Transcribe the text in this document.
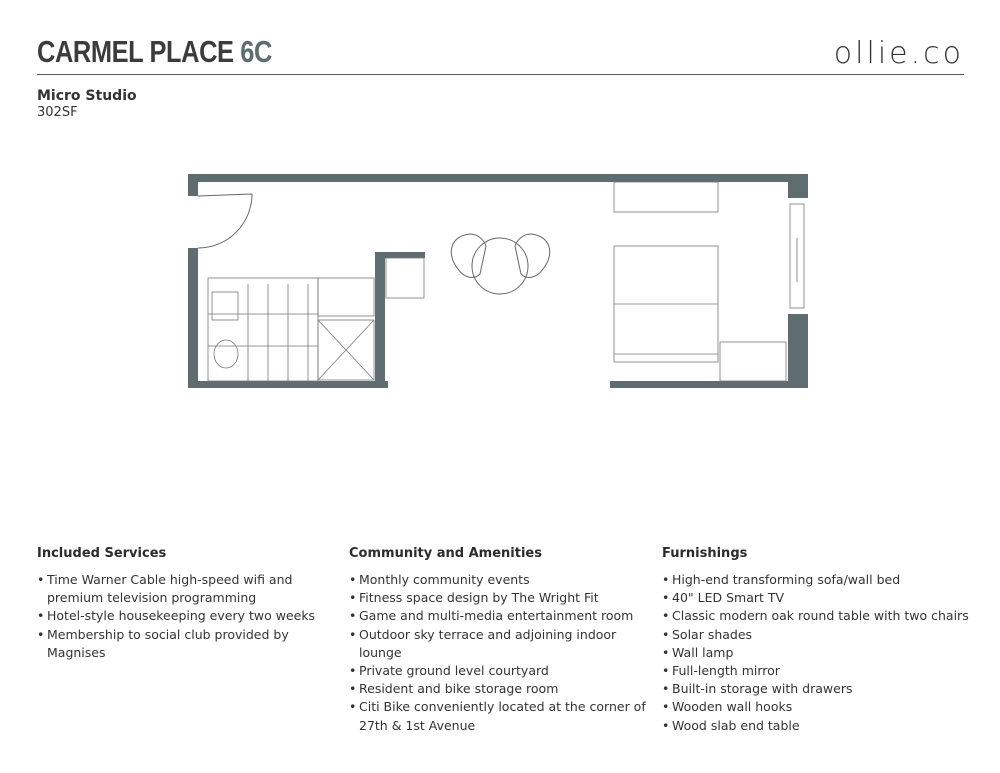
CARMEL PLACE 6C	ollie.co
Micro Studio
302SF
Included Services
• Time Warner Cable high-speed wifi and premium television programming
• Hotel-style housekeeping every two weeks
• Membership to social club provided by Magnises
Community and Amenities
• Monthly community events
• Fitness space design by The Wright Fit
• Game and multi-media entertainment room
• Outdoor sky terrace and adjoining indoor lounge
• Private ground level courtyard
• Resident and bike storage room
• Citi Bike conveniently located at the corner of 27th & 1st Avenue
Furnishings
• High-end transforming sofa/wall bed
• 40" LED Smart TV
• Classic modern oak round table with two chairs
• Solar shades
• Wall lamp
• Full-length mirror
• Built-in storage with drawers
• Wooden wall hooks
• Wood slab end table
